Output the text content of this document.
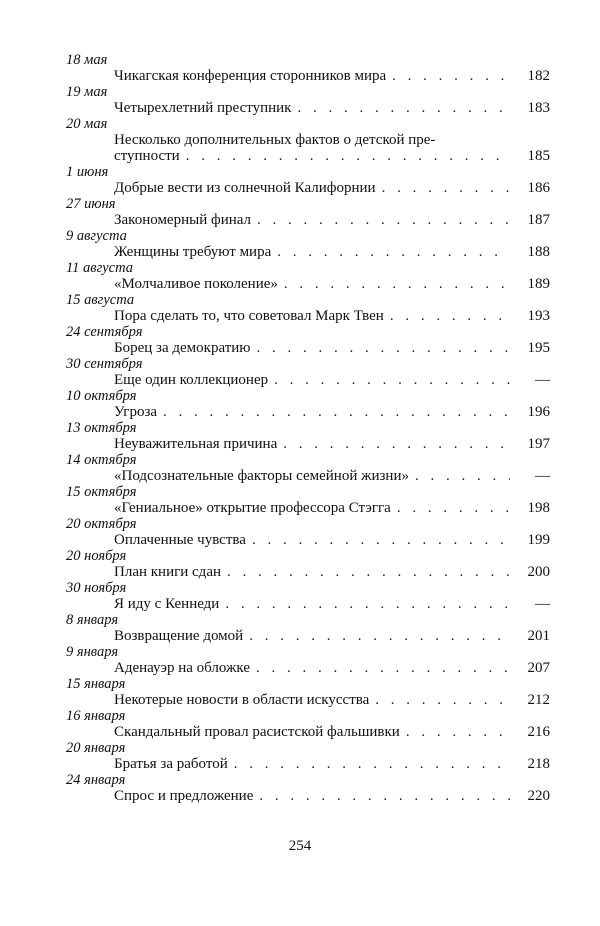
18 мая
Чикагская конференция сторонников мира . . .	182
19 мая
Четырехлетний преступник . . .	183
20 мая
Несколько дополнительных фактов о детской пре-
ступности . . .	185
1 июня
Добрые вести из солнечной Калифорнии . . .	186
27 июня
Закономерный финал . . .	187
9 августа
Женщины требуют мира . . .	188
11 августа
«Молчаливое поколение» . . .	189
15 августа
Пора сделать то, что советовал Марк Твен . . .	193
24 сентября
Борец за демократию . . .	195
30 сентября
Еще один коллекционер . . .	—
10 октября
Угроза . . .	196
13 октября
Неуважительная причина . . .	197
14 октября
«Подсознательные факторы семейной жизни» . . .	—
15 октября
«Гениальное» открытие профессора Стэгга . . .	198
20 октября
Оплаченные чувства . . .	199
20 ноября
План книги сдан . . .	200
30 ноября
Я иду с Кеннеди . . .	—
8 января
Возвращение домой . . .	201
9 января
Аденауэр на обложке . . .	207
15 января
Некотерые новости в области искусства . . .	212
16 января
Скандальный провал расистской фальшивки . . .	216
20 января
Братья за работой . . .	218
24 января
Спрос и предложение . . .	220
254
